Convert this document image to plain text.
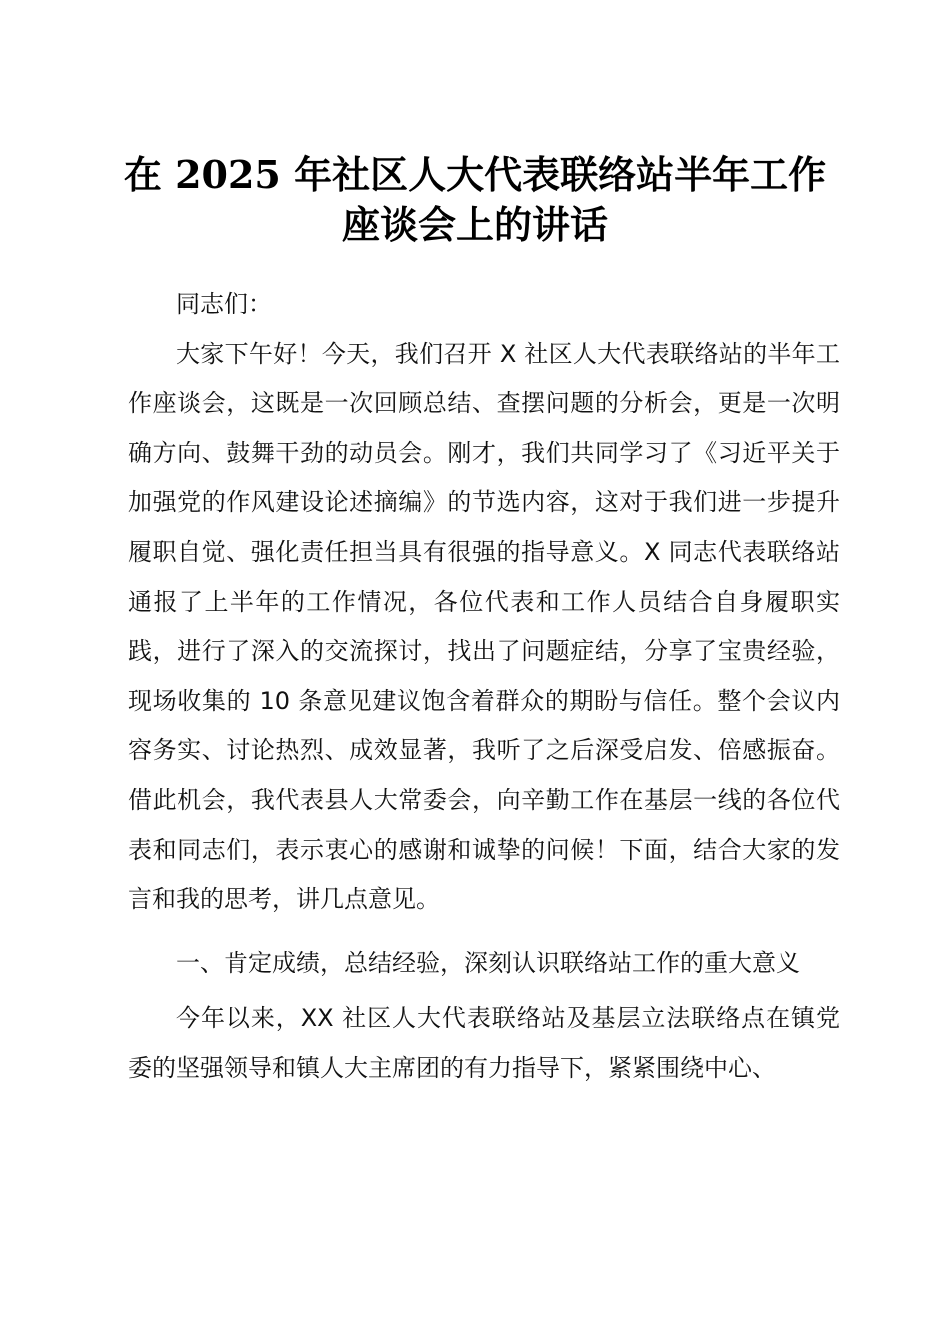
在 2025 年社区人大代表联络站半年工作座谈会上的讲话

同志们：

大家下午好！今天，我们召开 X 社区人大代表联络站的半年工作座谈会，这既是一次回顾总结、查摆问题的分析会，更是一次明确方向、鼓舞干劲的动员会。刚才，我们共同学习了《习近平关于加强党的作风建设论述摘编》的节选内容，这对于我们进一步提升履职自觉、强化责任担当具有很强的指导意义。X 同志代表联络站通报了上半年的工作情况，各位代表和工作人员结合自身履职实践，进行了深入的交流探讨，找出了问题症结，分享了宝贵经验，现场收集的 10 条意见建议饱含着群众的期盼与信任。整个会议内容务实、讨论热烈、成效显著，我听了之后深受启发、倍感振奋。借此机会，我代表县人大常委会，向辛勤工作在基层一线的各位代表和同志们，表示衷心的感谢和诚挚的问候！下面，结合大家的发言和我的思考，讲几点意见。

一、肯定成绩，总结经验，深刻认识联络站工作的重大意义

今年以来，XX 社区人大代表联络站及基层立法联络点在镇党委的坚强领导和镇人大主席团的有力指导下，紧紧围绕中心、
